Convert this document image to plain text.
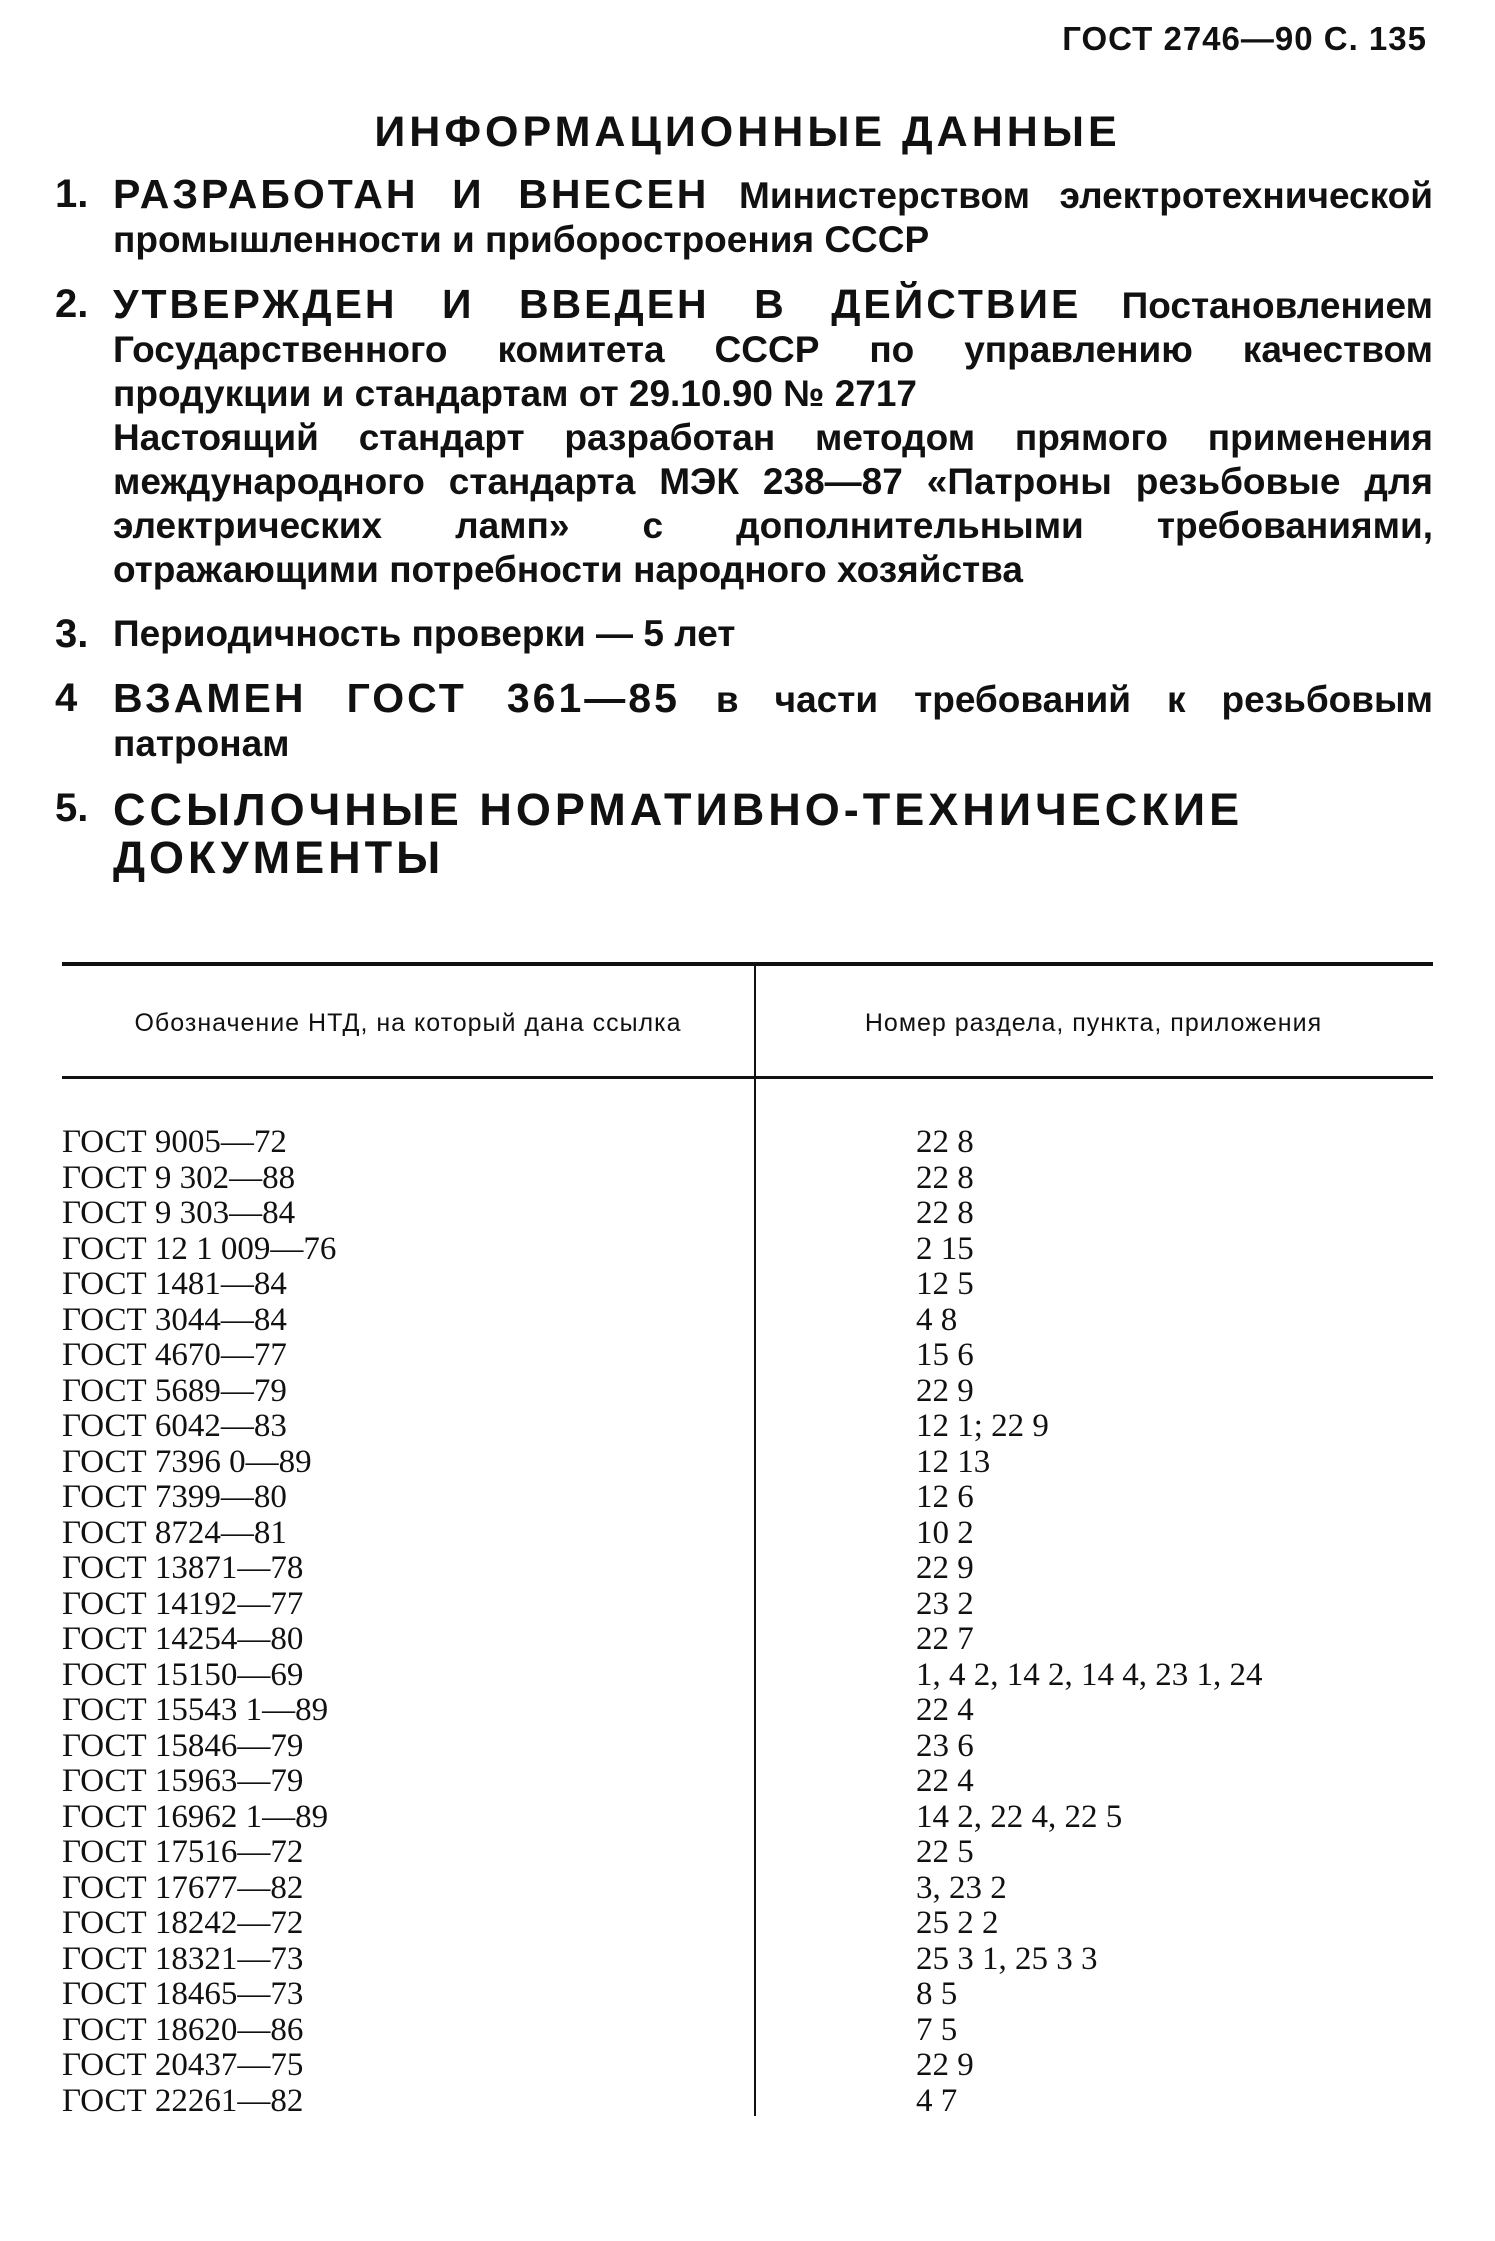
ГОСТ 2746—90 С. 135
ИНФОРМАЦИОННЫЕ ДАННЫЕ
1. РАЗРАБОТАН И ВНЕСЕН Министерством электротехнической промышленности и приборостроения СССР
2. УТВЕРЖДЕН И ВВЕДЕН В ДЕЙСТВИЕ Постановлением Государственного комитета СССР по управлению качеством продукции и стандартам от 29.10.90 № 2717
Настоящий стандарт разработан методом прямого применения международного стандарта МЭК 238—87 «Патроны резьбовые для электрических ламп» с дополнительными требованиями, отражающими потребности народного хозяйства
3. Периодичность проверки — 5 лет
4 ВЗАМЕН ГОСТ 361—85 в части требований к резьбовым патронам
5. ССЫЛОЧНЫЕ НОРМАТИВНО-ТЕХНИЧЕСКИЕ ДОКУМЕНТЫ
Обозначение НТД, на который дана ссылка	Номер раздела, пункта, приложения
ГОСТ 9005—72	22 8
ГОСТ 9 302—88	22 8
ГОСТ 9 303—84	22 8
ГОСТ 12 1 009—76	2 15
ГОСТ 1481—84	12 5
ГОСТ 3044—84	4 8
ГОСТ 4670—77	15 6
ГОСТ 5689—79	22 9
ГОСТ 6042—83	12 1; 22 9
ГОСТ 7396 0—89	12 13
ГОСТ 7399—80	12 6
ГОСТ 8724—81	10 2
ГОСТ 13871—78	22 9
ГОСТ 14192—77	23 2
ГОСТ 14254—80	22 7
ГОСТ 15150—69	1, 4 2, 14 2, 14 4, 23 1, 24
ГОСТ 15543 1—89	22 4
ГОСТ 15846—79	23 6
ГОСТ 15963—79	22 4
ГОСТ 16962 1—89	14 2, 22 4, 22 5
ГОСТ 17516—72	22 5
ГОСТ 17677—82	3, 23 2
ГОСТ 18242—72	25 2 2
ГОСТ 18321—73	25 3 1, 25 3 3
ГОСТ 18465—73	8 5
ГОСТ 18620—86	7 5
ГОСТ 20437—75	22 9
ГОСТ 22261—82	4 7
